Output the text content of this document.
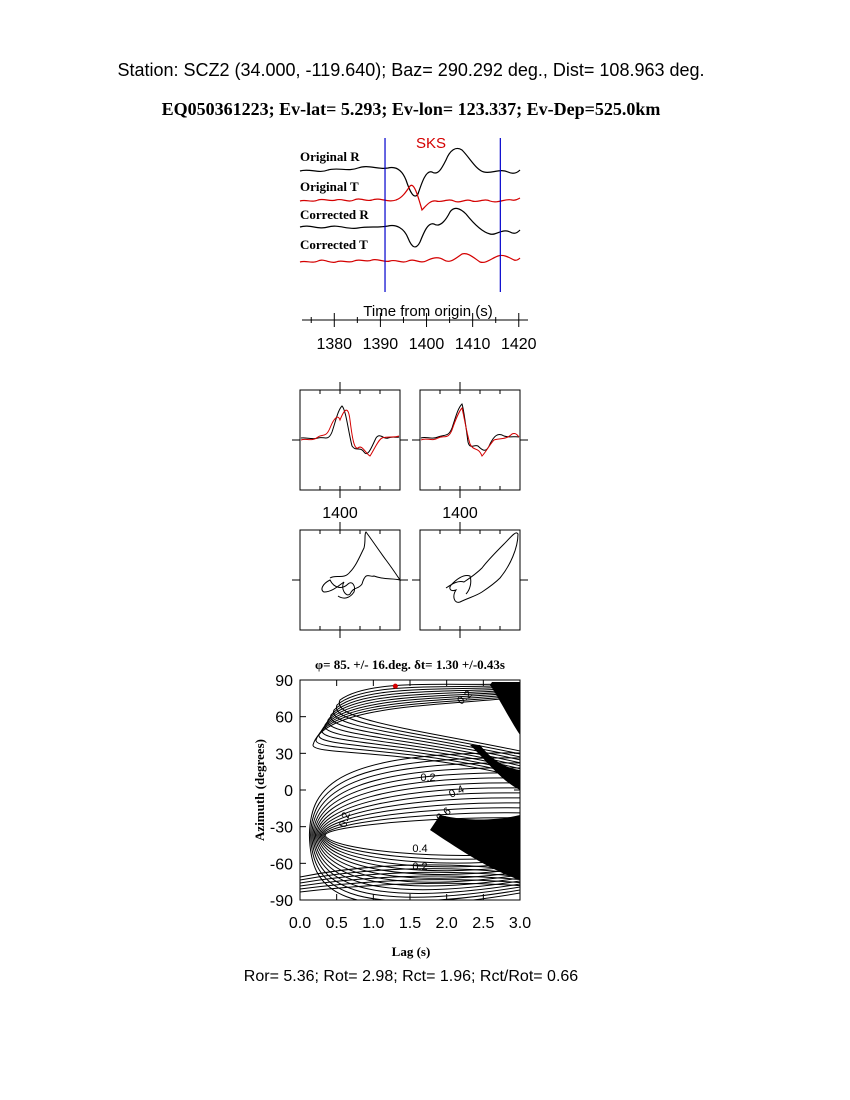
Station: SCZ2 (34.000, -119.640); Baz= 290.292 deg., Dist= 108.963 deg.
EQ050361223; Ev-lat= 5.293; Ev-lon= 123.337; Ev-Dep=525.0km
SKS
Original R
Original T
Corrected R
Corrected T
Time from origin (s)
1380 1390 1400 1410 1420
1400	1400
φ= 85. +/- 16.deg. δt= 1.30 +/-0.43s
0.2
0.2
0.4
0.6
0.2
0.4
0.2
0.0 0.5 1.0 1.5 2.0 2.5 3.0
90
60
30
0
-30
-60
-90
Azimuth (degrees)
Lag (s)
Ror= 5.36; Rot= 2.98; Rct= 1.96; Rct/Rot= 0.66
